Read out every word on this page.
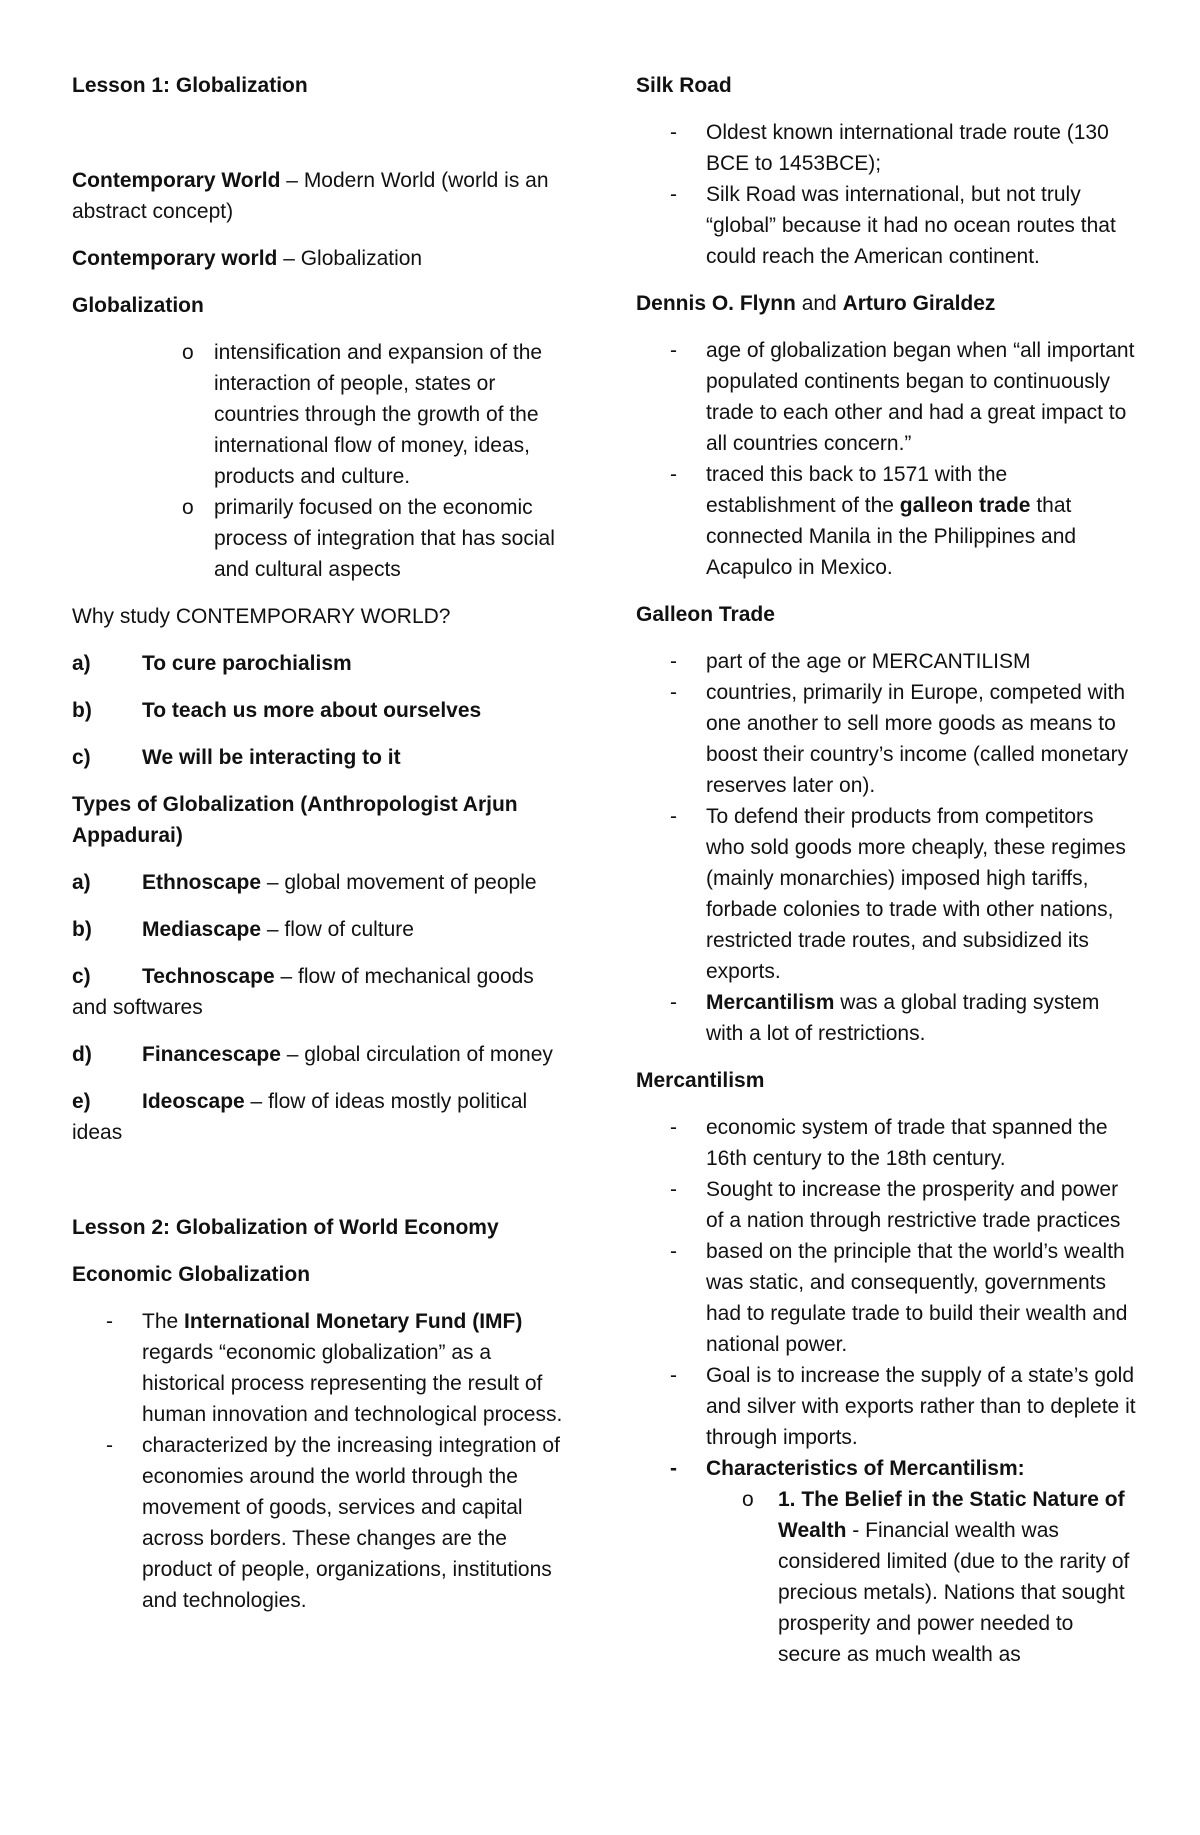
Lesson 1: Globalization

Contemporary World – Modern World (world is an abstract concept)

Contemporary world – Globalization

Globalization

o intensification and expansion of the interaction of people, states or countries through the growth of the international flow of money, ideas, products and culture.
o primarily focused on the economic process of integration that has social and cultural aspects

Why study CONTEMPORARY WORLD?

a) To cure parochialism

b) To teach us more about ourselves

c) We will be interacting to it

Types of Globalization (Anthropologist Arjun Appadurai)

a) Ethnoscape – global movement of people

b) Mediascape – flow of culture

c) Technoscape – flow of mechanical goods and softwares

d) Financescape – global circulation of money

e) Ideoscape – flow of ideas mostly political ideas

Lesson 2: Globalization of World Economy

Economic Globalization

- The International Monetary Fund (IMF) regards “economic globalization” as a historical process representing the result of human innovation and technological process.
- characterized by the increasing integration of economies around the world through the movement of goods, services and capital across borders. These changes are the product of people, organizations, institutions and technologies.

Silk Road

- Oldest known international trade route (130 BCE to 1453BCE);
- Silk Road was international, but not truly “global” because it had no ocean routes that could reach the American continent.

Dennis O. Flynn and Arturo Giraldez

- age of globalization began when “all important populated continents began to continuously trade to each other and had a great impact to all countries concern.”
- traced this back to 1571 with the establishment of the galleon trade that connected Manila in the Philippines and Acapulco in Mexico.

Galleon Trade

- part of the age or MERCANTILISM
- countries, primarily in Europe, competed with one another to sell more goods as means to boost their country’s income (called monetary reserves later on).
- To defend their products from competitors who sold goods more cheaply, these regimes (mainly monarchies) imposed high tariffs, forbade colonies to trade with other nations, restricted trade routes, and subsidized its exports.
- Mercantilism was a global trading system with a lot of restrictions.

Mercantilism

- economic system of trade that spanned the 16th century to the 18th century.
- Sought to increase the prosperity and power of a nation through restrictive trade practices
- based on the principle that the world’s wealth was static, and consequently, governments had to regulate trade to build their wealth and national power.
- Goal is to increase the supply of a state’s gold and silver with exports rather than to deplete it through imports.
- Characteristics of Mercantilism:
o 1. The Belief in the Static Nature of Wealth - Financial wealth was considered limited (due to the rarity of precious metals). Nations that sought prosperity and power needed to secure as much wealth as
